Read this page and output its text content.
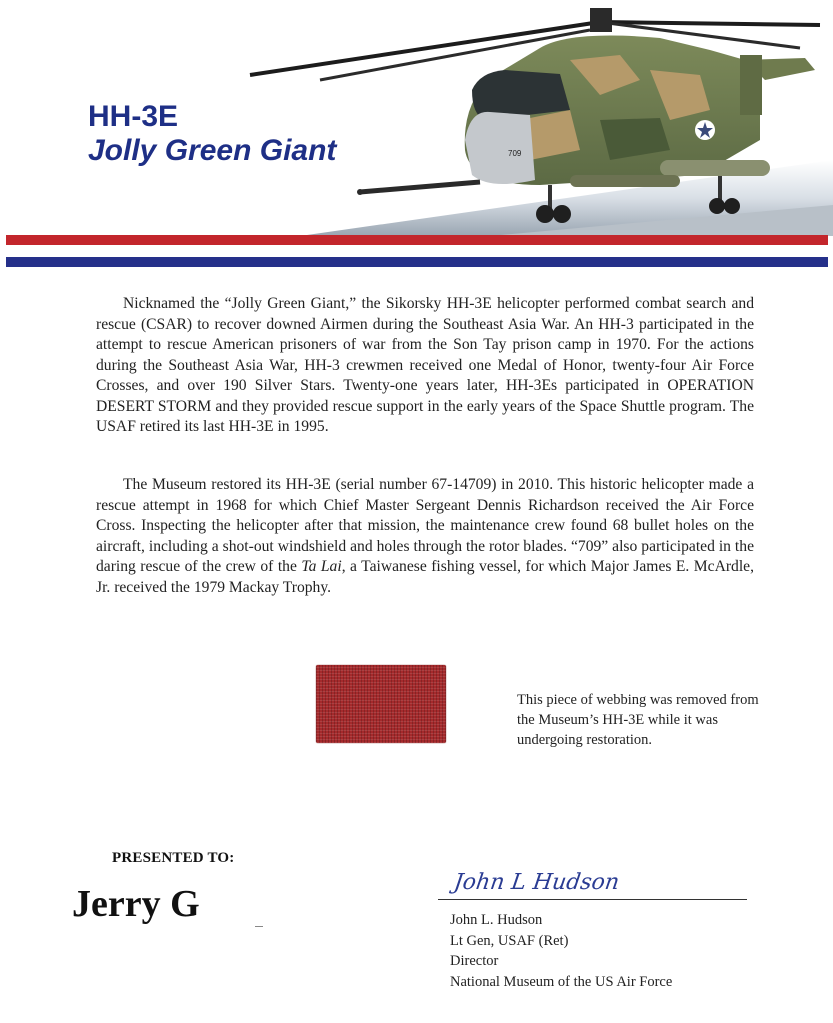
HH-3E
Jolly Green Giant	709

Nicknamed the “Jolly Green Giant,” the Sikorsky HH-3E helicopter performed combat search and rescue (CSAR) to recover downed Airmen during the Southeast Asia War. An HH-3 participated in the attempt to rescue American prisoners of war from the Son Tay prison camp in 1970. For the actions during the Southeast Asia War, HH-3 crewmen received one Medal of Honor, twenty-four Air Force Crosses, and over 190 Silver Stars. Twenty-one years later, HH-3Es participated in OPERATION DESERT STORM and they provided rescue support in the early years of the Space Shuttle program. The USAF retired its last HH-3E in 1995.

The Museum restored its HH-3E (serial number 67-14709) in 2010. This historic helicopter made a rescue attempt in 1968 for which Chief Master Sergeant Dennis Richardson received the Air Force Cross. Inspecting the helicopter after that mission, the maintenance crew found 68 bullet holes on the aircraft, including a shot-out windshield and holes through the rotor blades. “709” also participated in the daring rescue of the crew of the Ta Lai, a Taiwanese fishing vessel, for which Major James E. McArdle, Jr. received the 1979 Mackay Trophy.

This piece of webbing was removed from the Museum’s HH-3E while it was undergoing restoration.
PRESENTED TO:
Jerry G
John L Hudson
John L. Hudson
Lt Gen, USAF (Ret)
Director
National Museum of the US Air Force
